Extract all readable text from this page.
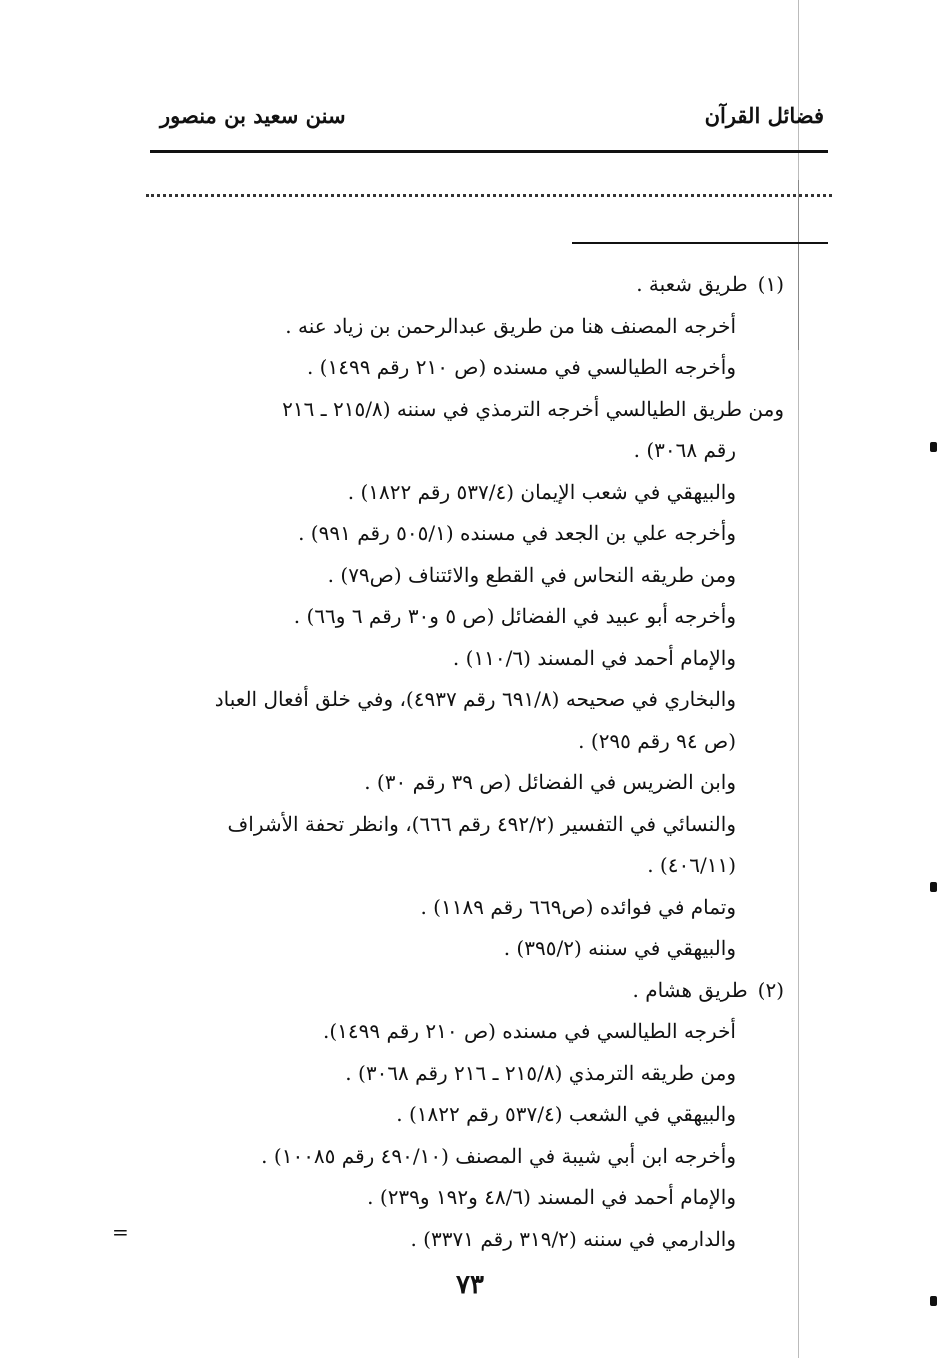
فضائل القرآن
سنن سعيد بن منصور

(١)طريق شعبة .

أخرجه المصنف هنا من طريق عبدالرحمن بن زياد عنه .

وأخرجه الطيالسي في مسنده (ص ٢١٠ رقم ١٤٩٩) .

ومن طريق الطيالسي أخرجه الترمذي في سننه (٢١٥/٨ ـ ٢١٦

رقم ٣٠٦٨) .

والبيهقي في شعب الإيمان (٥٣٧/٤ رقم ١٨٢٢) .

وأخرجه علي بن الجعد في مسنده (٥٠٥/١ رقم ٩٩١) .

ومن طريقه النحاس في القطع والائتناف (ص٧٩) .

وأخرجه أبو عبيد في الفضائل (ص ٥ و٣٠ رقم ٦ و٦٦) .

والإمام أحمد في المسند (١١٠/٦) .

والبخاري في صحيحه (٦٩١/٨ رقم ٤٩٣٧)، وفي خلق أفعال العباد

(ص ٩٤ رقم ٢٩٥) .

وابن الضريس في الفضائل (ص ٣٩ رقم ٣٠) .

والنسائي في التفسير (٤٩٢/٢ رقم ٦٦٦)، وانظر تحفة الأشراف

(٤٠٦/١١) .

وتمام في فوائده (ص٦٦٩ رقم ١١٨٩) .

والبيهقي في سننه (٣٩٥/٢) .

(٢)طريق هشام .

أخرجه الطيالسي في مسنده (ص ٢١٠ رقم ١٤٩٩).

ومن طريقه الترمذي (٢١٥/٨ ـ ٢١٦ رقم ٣٠٦٨) .

والبيهقي في الشعب (٥٣٧/٤ رقم ١٨٢٢) .

وأخرجه ابن أبي شيبة في المصنف (٤٩٠/١٠ رقم ١٠٠٨٥) .

والإمام أحمد في المسند (٤٨/٦ و١٩٢ و٢٣٩) .

والدارمي في سننه (٣١٩/٢ رقم ٣٣٧١) .

٧٣
=
